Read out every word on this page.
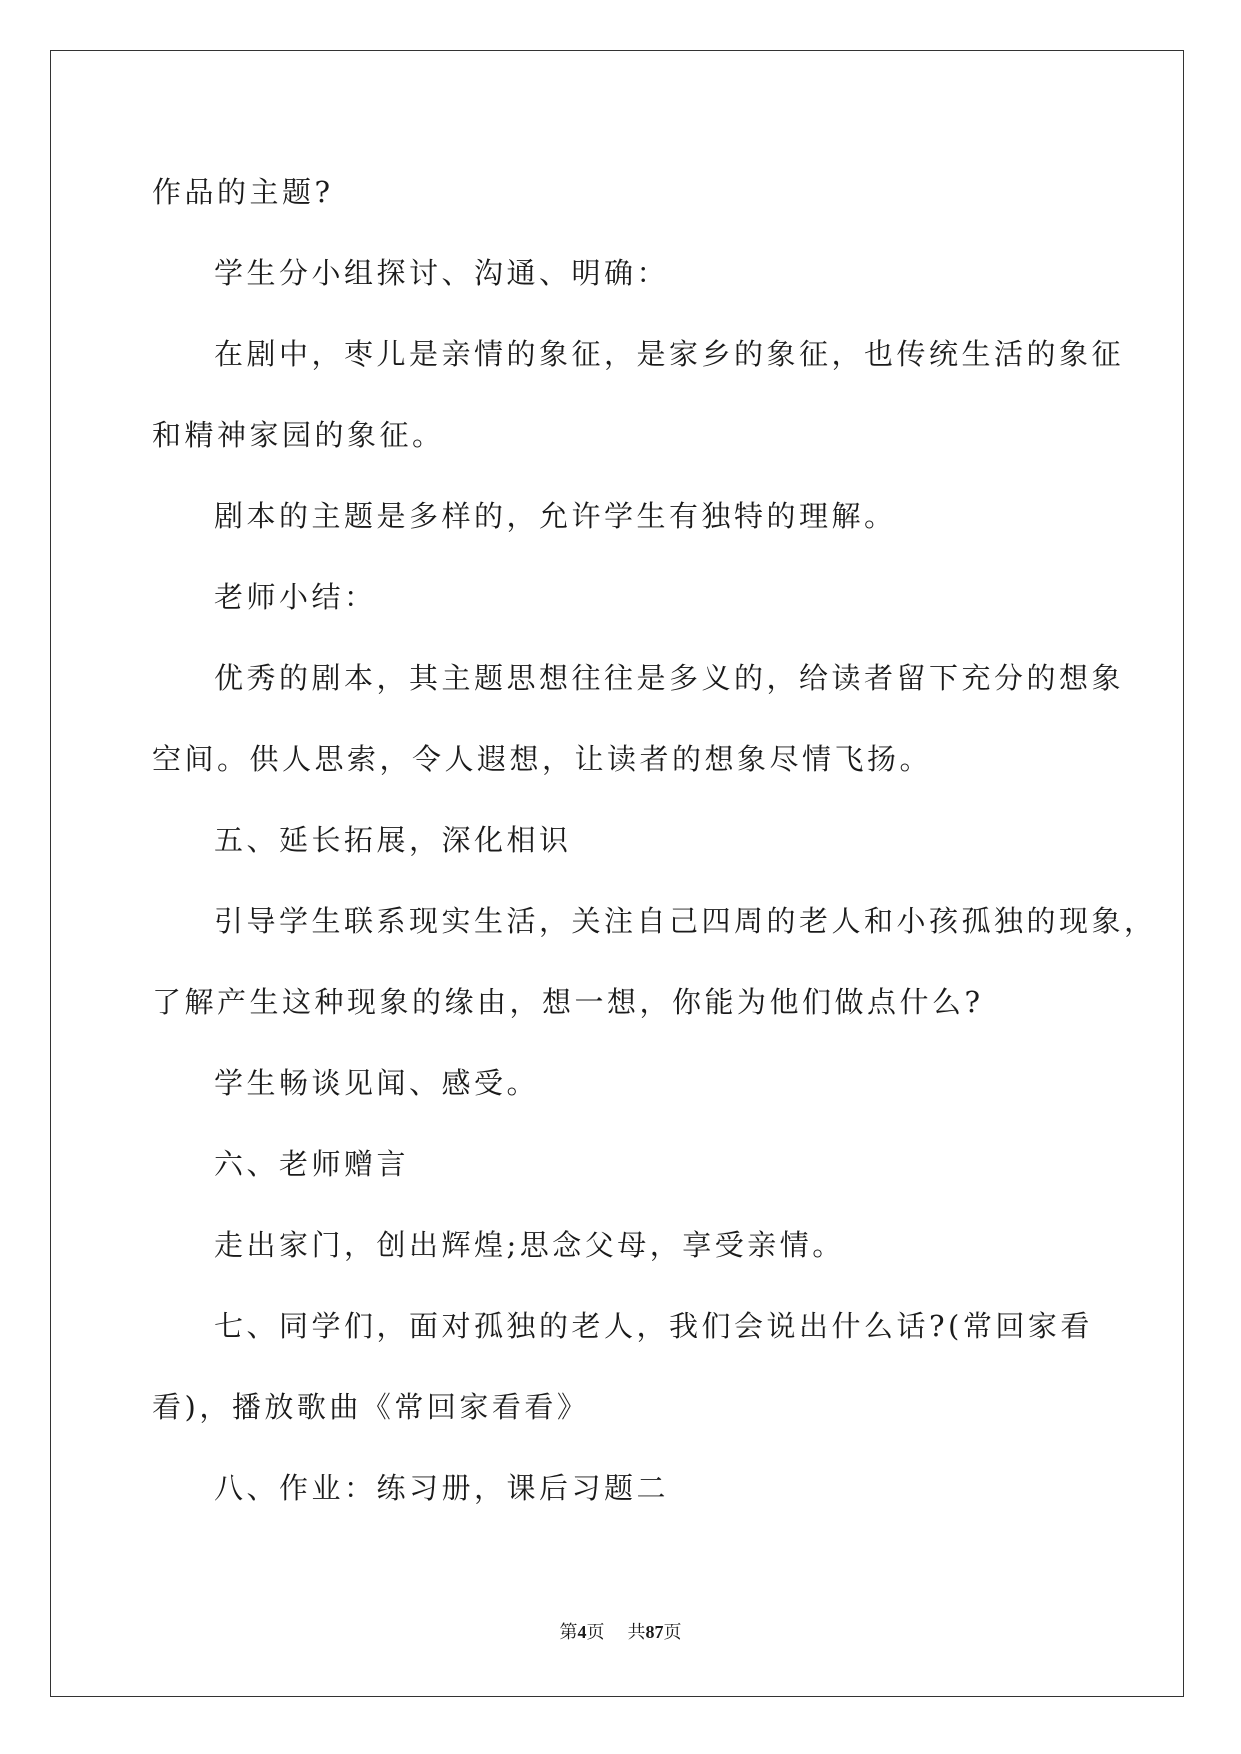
作品的主题?
学生分小组探讨、沟通、明确：
在剧中，枣儿是亲情的象征，是家乡的象征，也传统生活的象征
和精神家园的象征。
剧本的主题是多样的，允许学生有独特的理解。
老师小结：
优秀的剧本，其主题思想往往是多义的，给读者留下充分的想象
空间。供人思索，令人遐想，让读者的想象尽情飞扬。
五、延长拓展，深化相识
引导学生联系现实生活，关注自己四周的老人和小孩孤独的现象，
了解产生这种现象的缘由，想一想，你能为他们做点什么?
学生畅谈见闻、感受。
六、老师赠言
走出家门，创出辉煌;思念父母，享受亲情。
七、同学们，面对孤独的老人，我们会说出什么话?(常回家看
看)，播放歌曲《常回家看看》
八、作业：练习册，课后习题二
第4页 共87页
